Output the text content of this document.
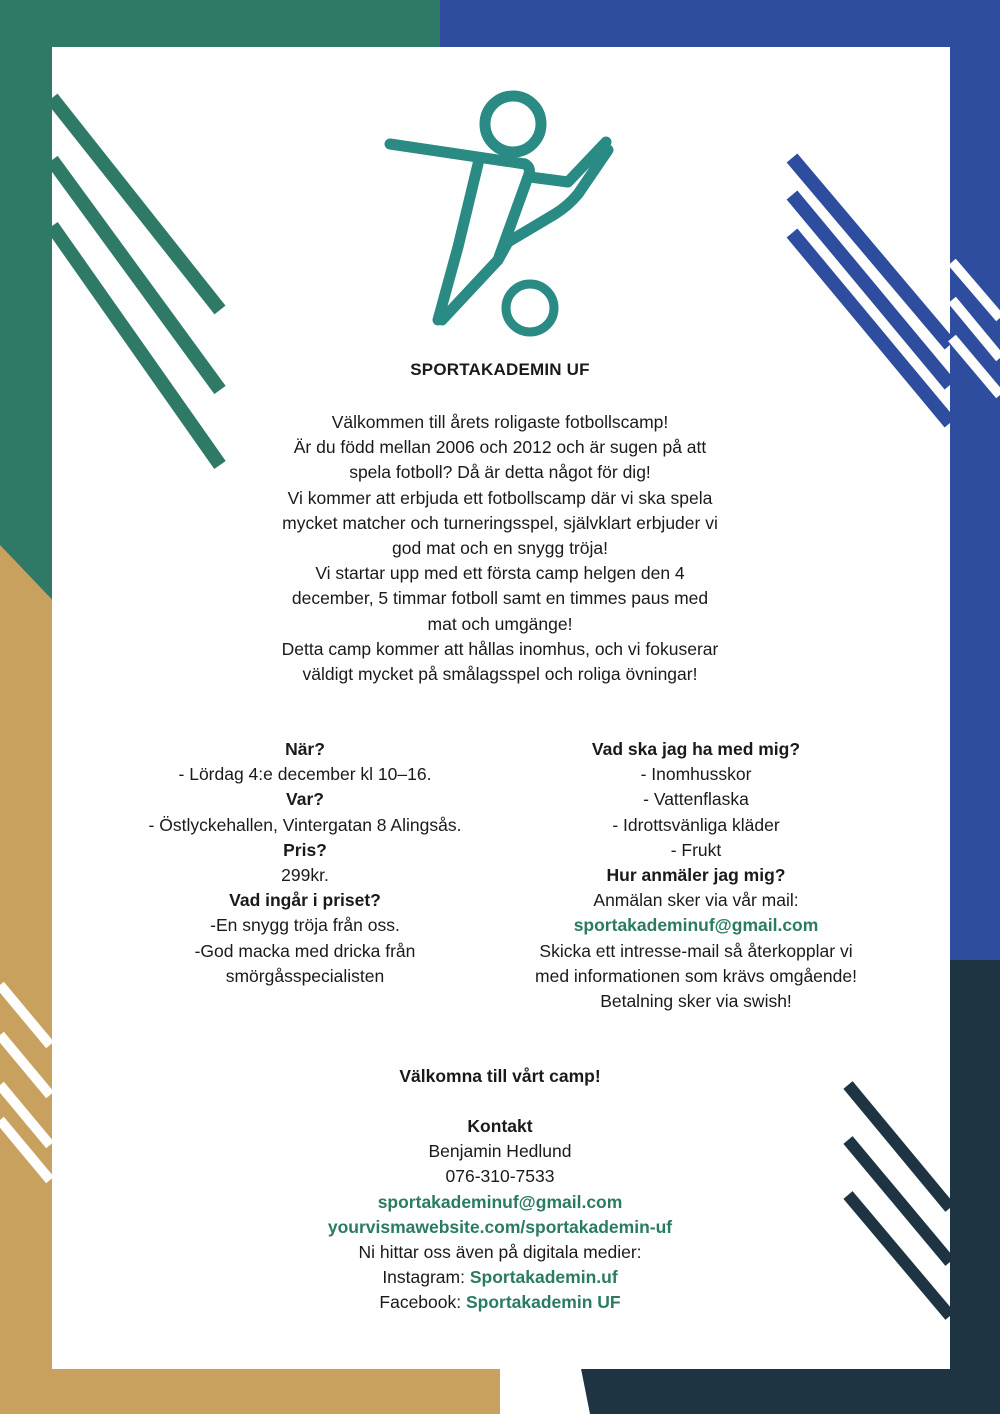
SPORTAKADEMIN UF
Välkommen till årets roligaste fotbollscamp!
Är du född mellan 2006 och 2012 och är sugen på att
spela fotboll? Då är detta något för dig!
Vi kommer att erbjuda ett fotbollscamp där vi ska spela
mycket matcher och turneringsspel, självklart erbjuder vi
god mat och en snygg tröja!
Vi startar upp med ett första camp helgen den 4
december, 5 timmar fotboll samt en timmes paus med
mat och umgänge!
Detta camp kommer att hållas inomhus, och vi fokuserar
väldigt mycket på smålagsspel och roliga övningar!
När?
- Lördag 4:e december kl 10–16.
Var?
- Östlyckehallen, Vintergatan 8 Alingsås.
Pris?
299kr.
Vad ingår i priset?
-En snygg tröja från oss.
-God macka med dricka från
smörgåsspecialisten
Vad ska jag ha med mig?
- Inomhusskor
- Vattenflaska
- Idrottsvänliga kläder
- Frukt
Hur anmäler jag mig?
Anmälan sker via vår mail:
sportakademinuf@gmail.com
Skicka ett intresse-mail så återkopplar vi
med informationen som krävs omgående!
Betalning sker via swish!
Välkomna till vårt camp!
Kontakt
Benjamin Hedlund
076-310-7533
sportakademinuf@gmail.com
yourvismawebsite.com/sportakademin-uf
Ni hittar oss även på digitala medier:
Instagram: Sportakademin.uf
Facebook: Sportakademin UF
